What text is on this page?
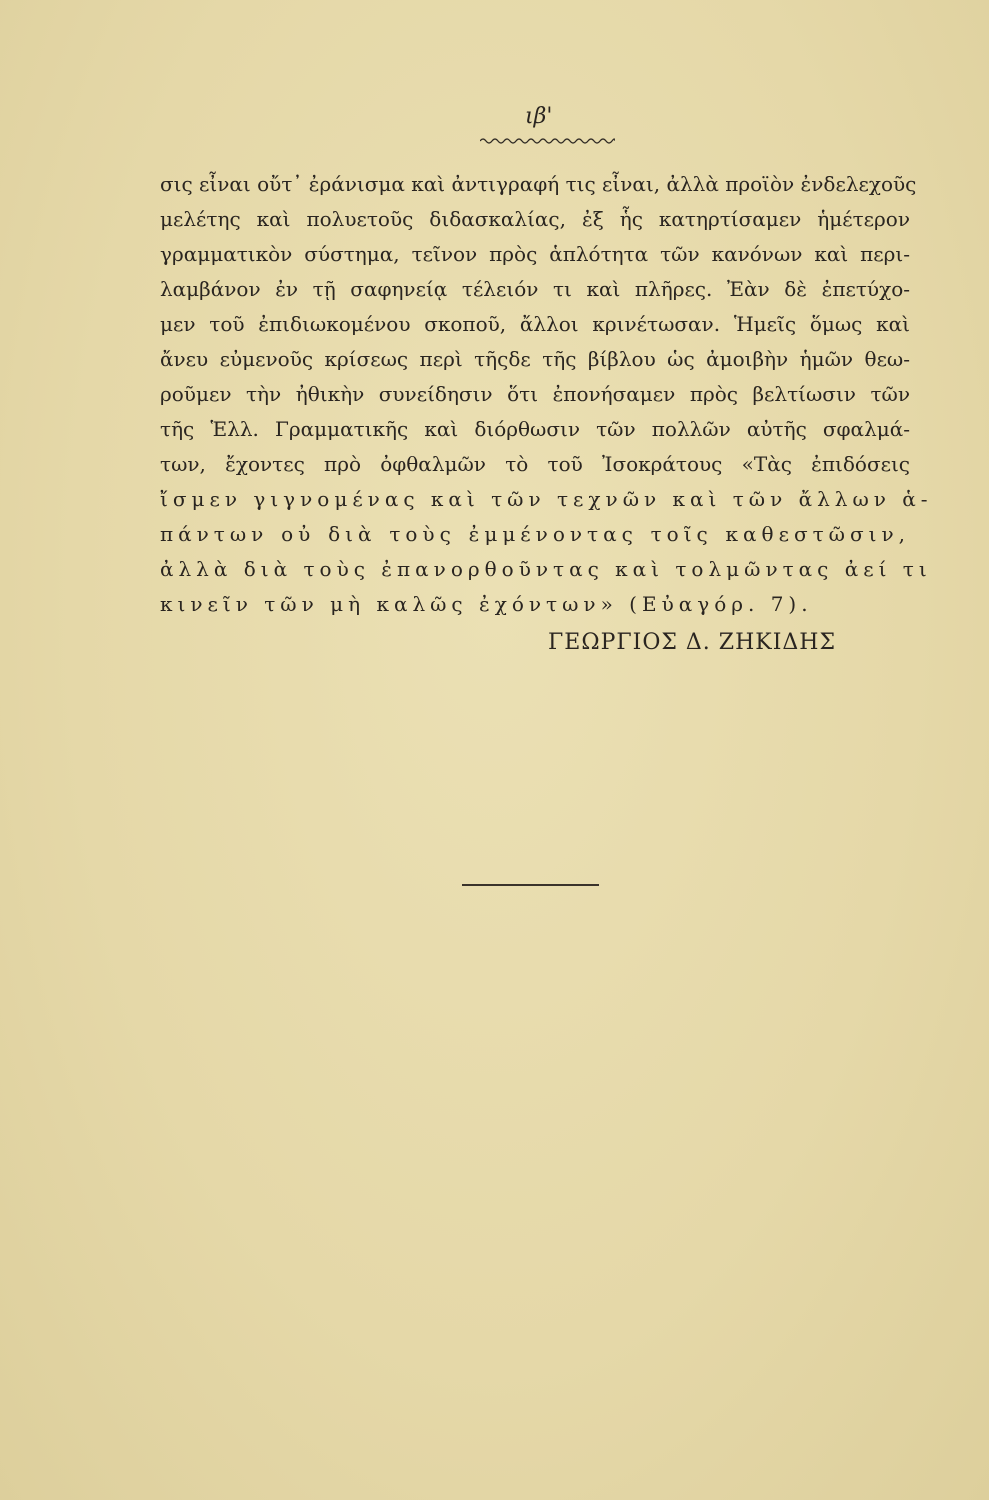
ιβ'
σις εἶναι οὔτ᾽ ἐράνισμα καὶ ἀντιγραφή τις εἶναι, ἀλλὰ προϊὸν ἐνδελεχοῦς
μελέτης καὶ πολυετοῦς διδασκαλίας, ἐξ ἧς κατηρτίσαμεν ἡμέτερον
γραμματικὸν σύστημα, τεῖνον πρὸς ἁπλότητα τῶν κανόνων καὶ περι-
λαμβάνον ἐν τῇ σαφηνείᾳ τέλειόν τι καὶ πλῆρες. Ἐὰν δὲ ἐπετύχο-
μεν τοῦ ἐπιδιωκομένου σκοποῦ, ἄλλοι κρινέτωσαν. Ἡμεῖς ὅμως καὶ
ἄνευ εὐμενοῦς κρίσεως περὶ τῆςδε τῆς βίβλου ὡς ἀμοιβὴν ἡμῶν θεω-
ροῦμεν τὴν ἠθικὴν συνείδησιν ὅτι ἐπονήσαμεν πρὸς βελτίωσιν τῶν
τῆς Ἑλλ. Γραμματικῆς καὶ διόρθωσιν τῶν πολλῶν αὐτῆς σφαλμά-
των, ἔχοντες πρὸ ὀφθαλμῶν τὸ τοῦ Ἰσοκράτους «Τὰς ἐπιδόσεις
ἴσμεν γιγνομένας καὶ τῶν τεχνῶν καὶ τῶν ἄλλων ἁ-
πάντων οὐ διὰ τοὺς ἐμμένοντας τοῖς καθεστῶσιν,
ἀλλὰ διὰ τοὺς ἐπανορθοῦντας καὶ τολμῶντας ἀεί τι
κινεῖν τῶν μὴ καλῶς ἐχόντων» (Εὐαγόρ. 7).
ΓΕΩΡΓΙΟΣ Δ. ΖΗΚΙΔΗΣ
